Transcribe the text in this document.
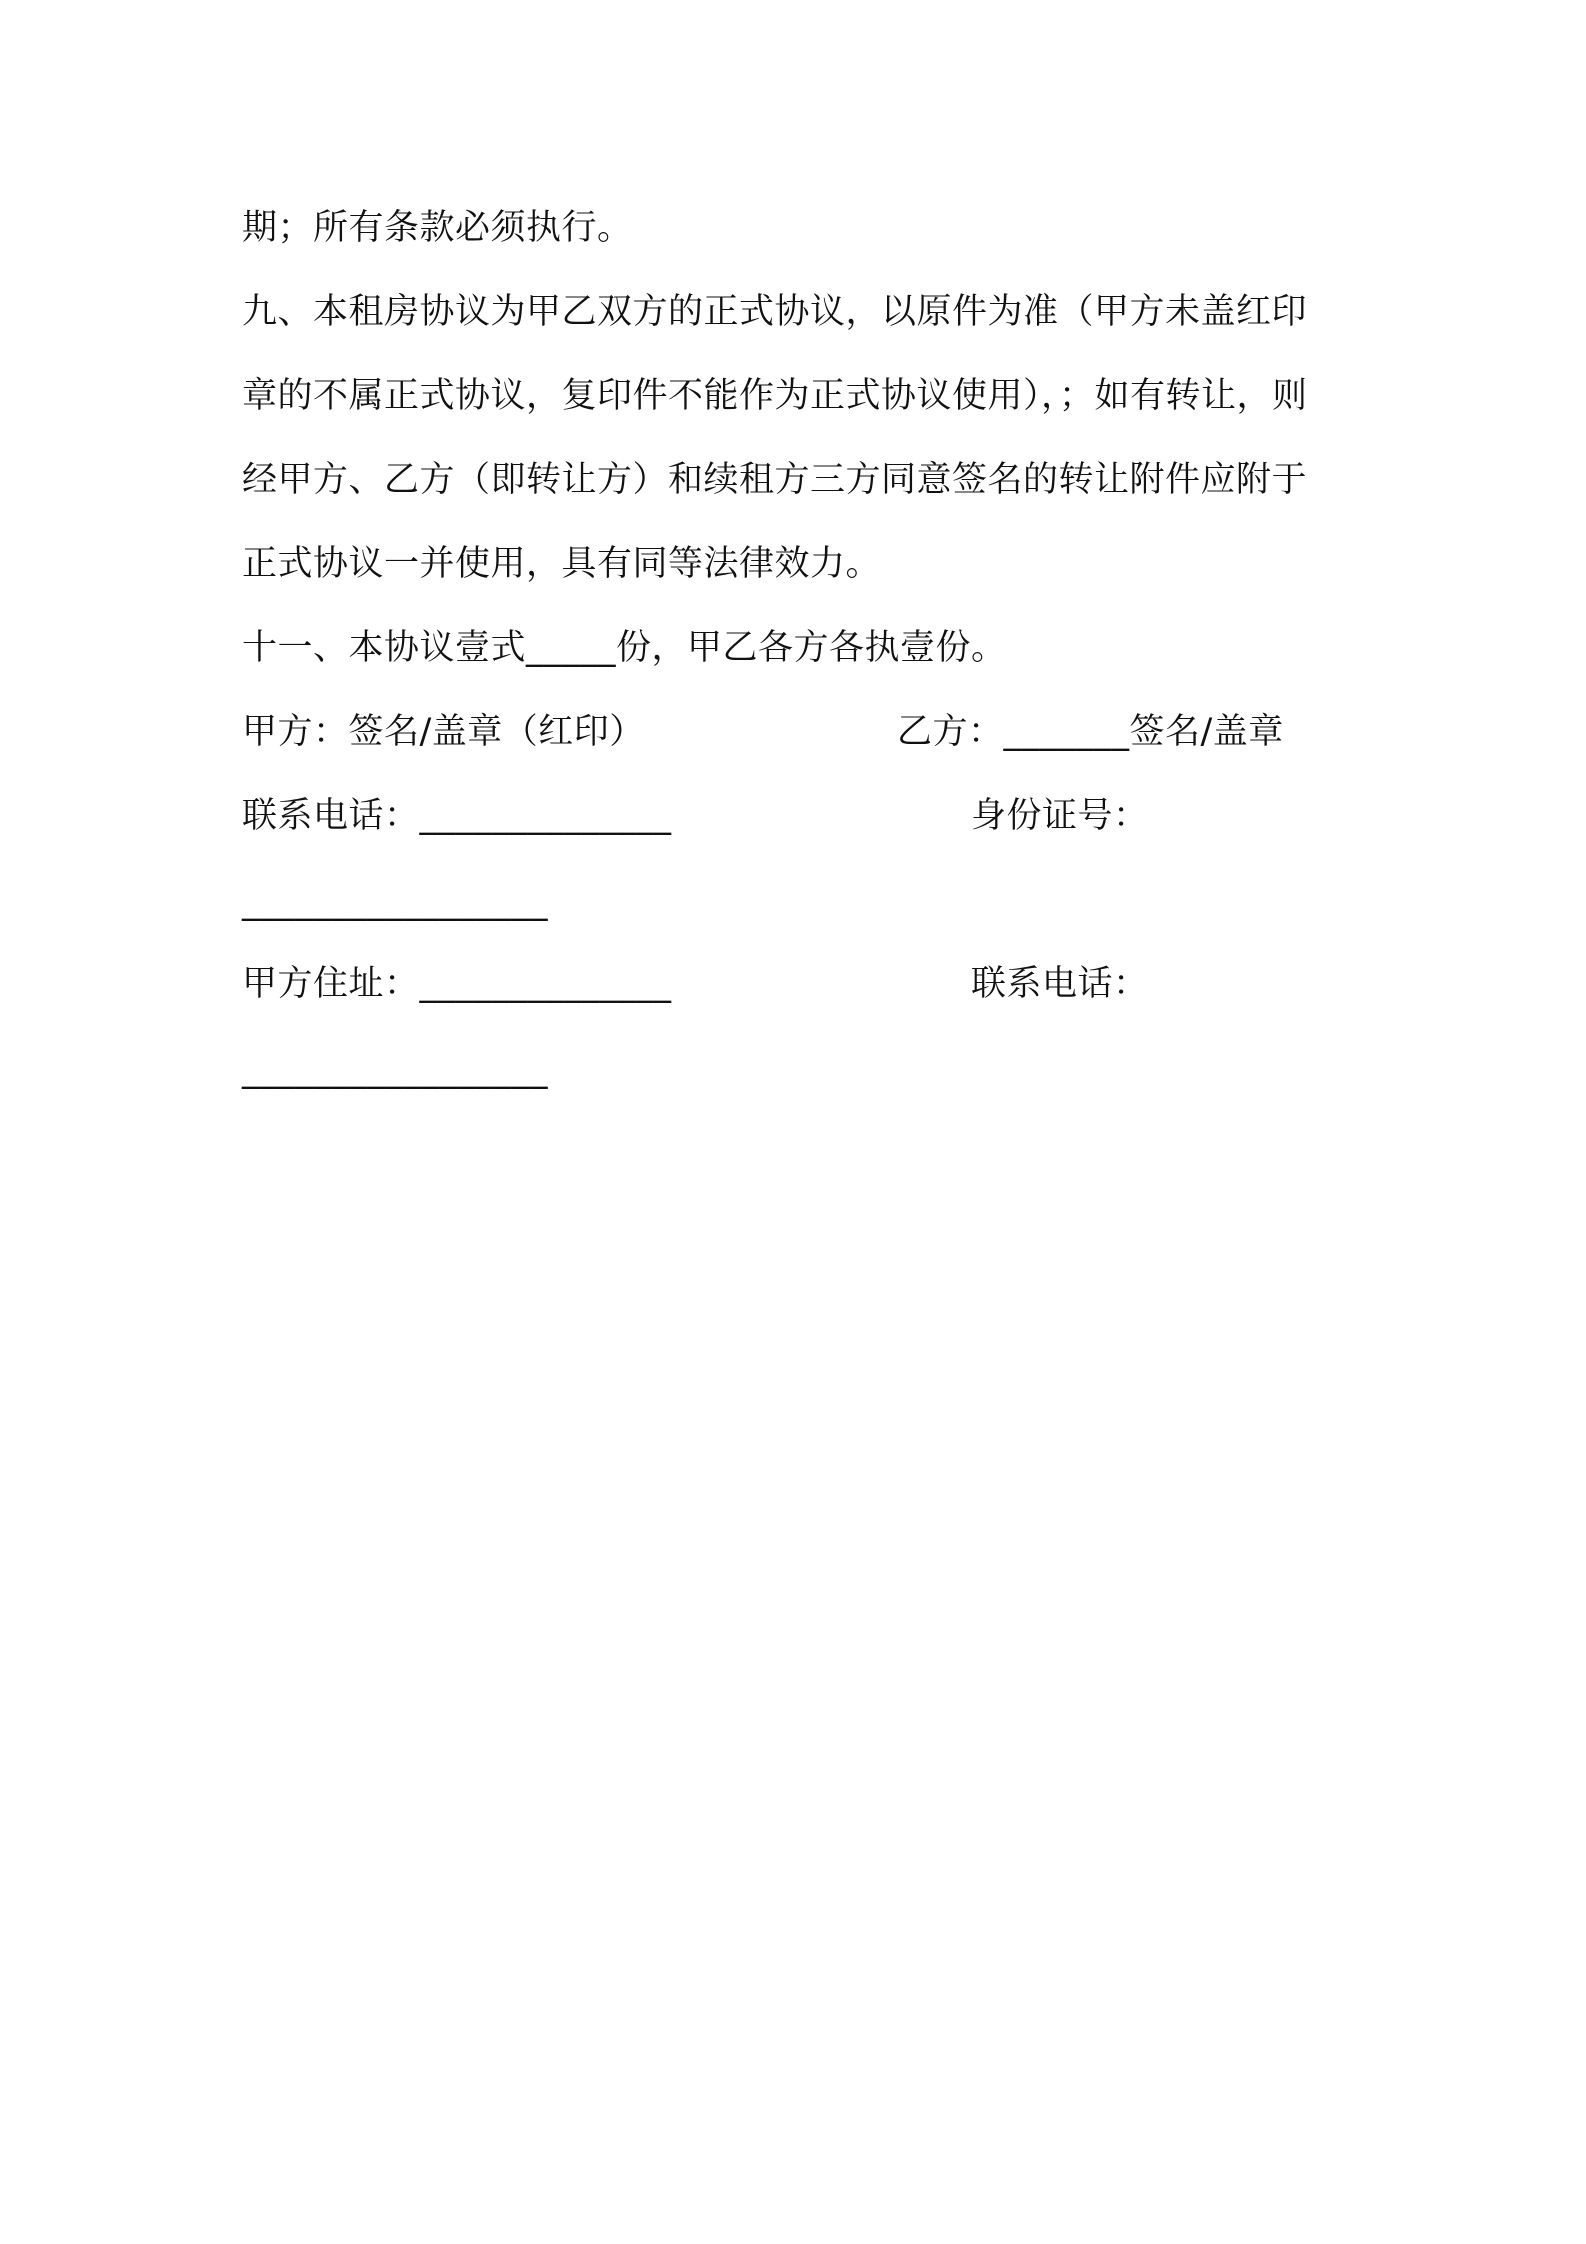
期；所有条款必须执行。
九、本租房协议为甲乙双方的正式协议，以原件为准（甲方未盖红印
章的不属正式协议，复印件不能作为正式协议使用），；如有转让，则
经甲方、乙方（即转让方）和续租方三方同意签名的转让附件应附于
正式协议一并使用，具有同等法律效力。
十一、本协议壹式_____份，甲乙各方各执壹份。
甲方：签名/盖章（红印）	乙方：_______签名/盖章
联系电话：______________	身份证号：
_________________
甲方住址：______________	联系电话：
_________________
